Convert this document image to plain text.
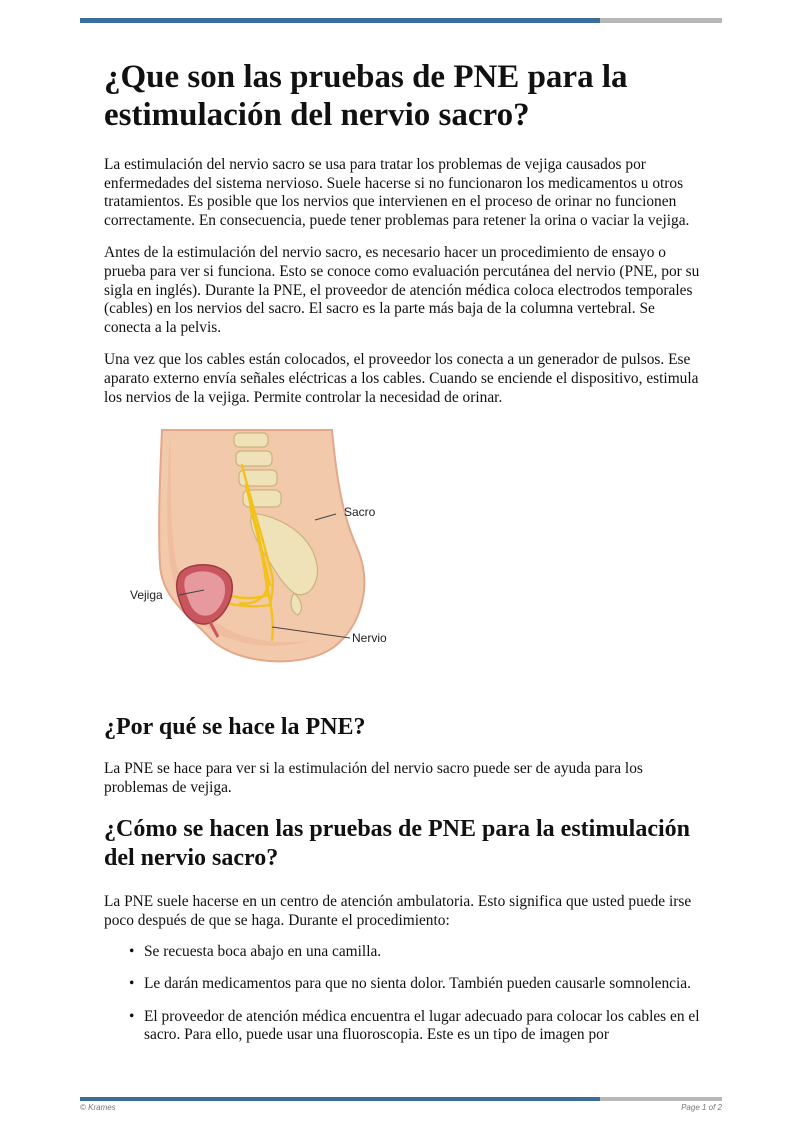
¿Que son las pruebas de PNE para la estimulación del nervio sacro?

La estimulación del nervio sacro se usa para tratar los problemas de vejiga causados por enfermedades del sistema nervioso. Suele hacerse si no funcionaron los medicamentos u otros tratamientos. Es posible que los nervios que intervienen en el proceso de orinar no funcionen correctamente. En consecuencia, puede tener problemas para retener la orina o vaciar la vejiga.

Antes de la estimulación del nervio sacro, es necesario hacer un procedimiento de ensayo o prueba para ver si funciona. Esto se conoce como evaluación percutánea del nervio (PNE, por su sigla en inglés). Durante la PNE, el proveedor de atención médica coloca electrodos temporales (cables) en los nervios del sacro. El sacro es la parte más baja de la columna vertebral. Se conecta a la pelvis.

Una vez que los cables están colocados, el proveedor los conecta a un generador de pulsos. Ese aparato externo envía señales eléctricas a los cables. Cuando se enciende el dispositivo, estimula los nervios de la vejiga. Permite controlar la necesidad de orinar.

Sacro
Vejiga
Nervio
¿Por qué se hace la PNE?

La PNE se hace para ver si la estimulación del nervio sacro puede ser de ayuda para los problemas de vejiga.

¿Cómo se hacen las pruebas de PNE para la estimulación del nervio sacro?

La PNE suele hacerse en un centro de atención ambulatoria. Esto significa que usted puede irse poco después de que se haga. Durante el procedimiento:

• Se recuesta boca abajo en una camilla.
• Le darán medicamentos para que no sienta dolor. También pueden causarle somnolencia.
• El proveedor de atención médica encuentra el lugar adecuado para colocar los cables en el sacro. Para ello, puede usar una fluoroscopia. Este es un tipo de imagen por
© Krames	Page 1 of 2
